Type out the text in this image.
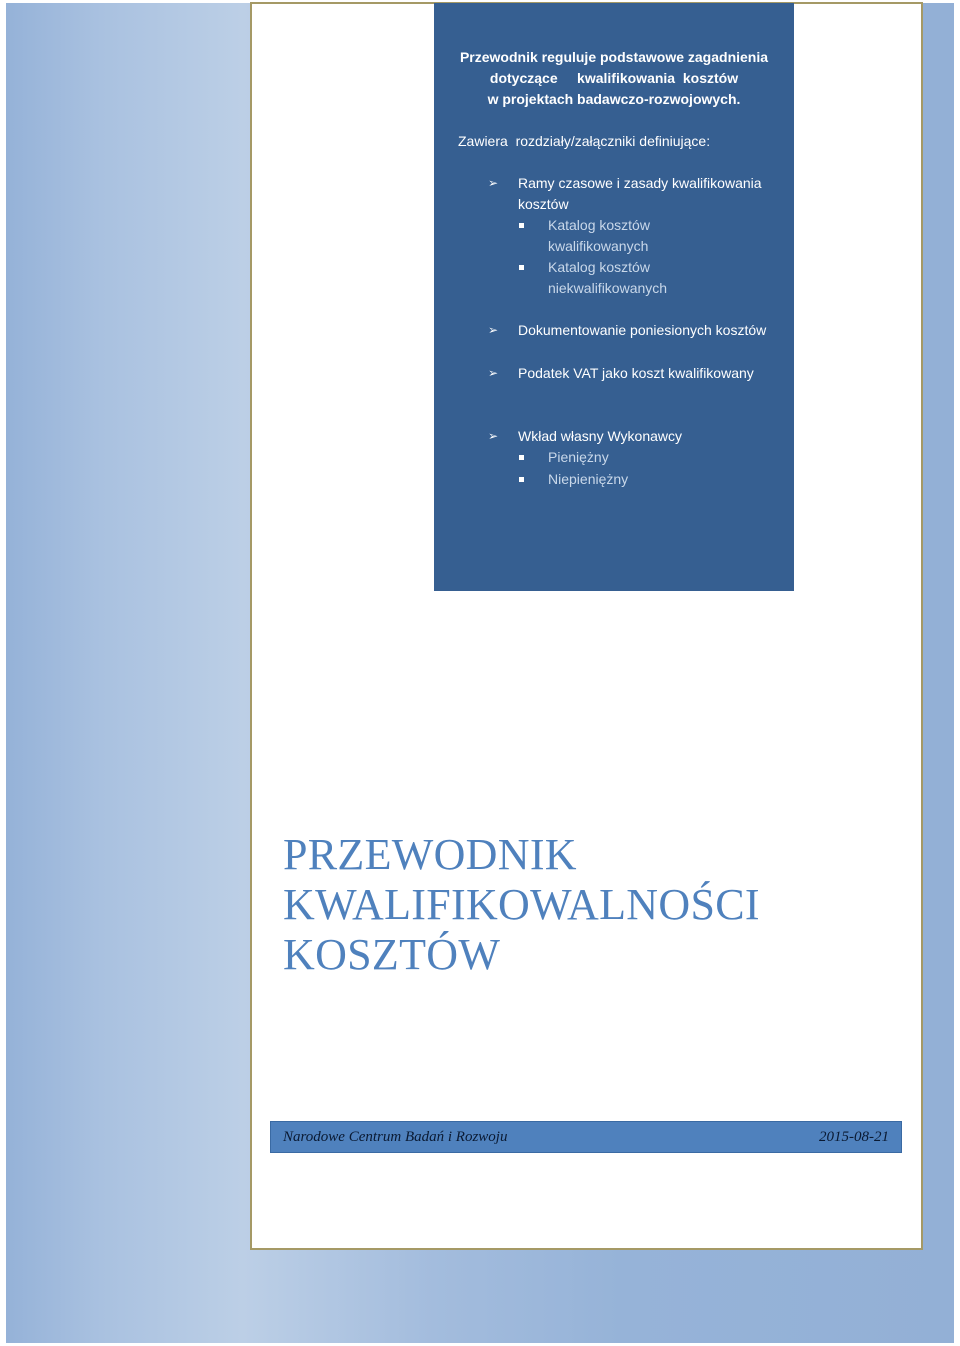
Przewodnik reguluje podstawowe zagadnienia
dotyczące     kwalifikowania  kosztów
w projektach badawczo-rozwojowych.
Zawiera  rozdziały/załączniki definiujące:
➢ Ramy czasowe i zasady kwalifikowania
kosztów
Katalog kosztów
kwalifikowanych
Katalog kosztów
niekwalifikowanych
➢ Dokumentowanie poniesionych kosztów
➢ Podatek VAT jako koszt kwalifikowany
➢ Wkład własny Wykonawcy
Pieniężny
Niepieniężny
PRZEWODNIK
KWALIFIKOWALNOŚCI
KOSZTÓW
Narodowe Centrum Badań i Rozwoju	2015-08-21
